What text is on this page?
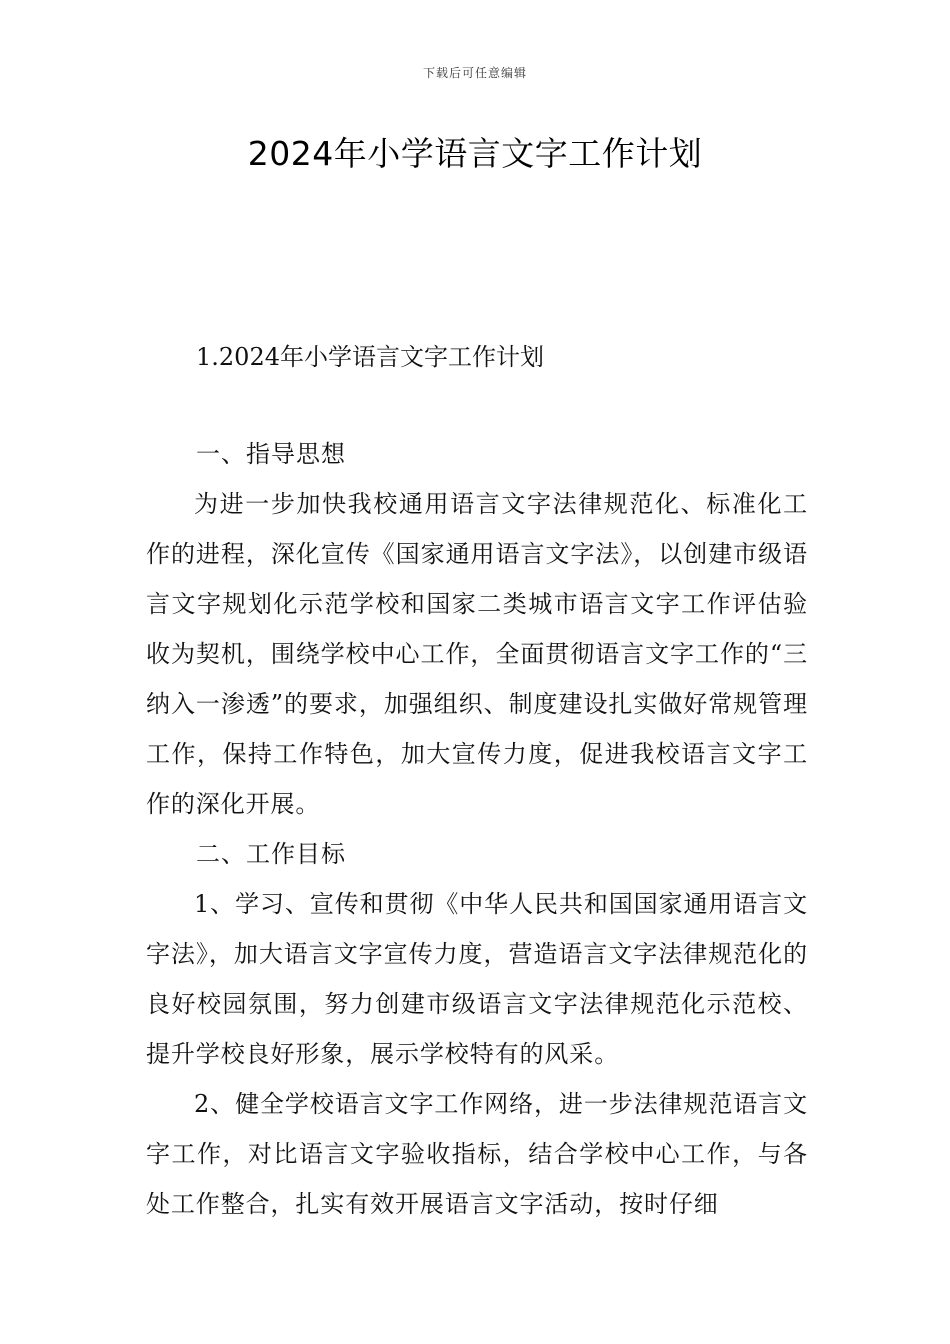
下载后可任意编辑
2024年小学语言文字工作计划
1.2024年小学语言文字工作计划
一、指导思想

为进一步加快我校通用语言文字法律规范化、标准化工作的进程，深化宣传《国家通用语言文字法》，以创建市级语言文字规划化示范学校和国家二类城市语言文字工作评估验收为契机，围绕学校中心工作，全面贯彻语言文字工作的“三纳入一渗透”的要求，加强组织、制度建设扎实做好常规管理工作，保持工作特色，加大宣传力度，促进我校语言文字工作的深化开展。

二、工作目标

1、学习、宣传和贯彻《中华人民共和国国家通用语言文字法》，加大语言文字宣传力度，营造语言文字法律规范化的良好校园氛围，努力创建市级语言文字法律规范化示范校、提升学校良好形象，展示学校特有的风采。

2、健全学校语言文字工作网络，进一步法律规范语言文字工作，对比语言文字验收指标，结合学校中心工作，与各处工作整合，扎实有效开展语言文字活动，按时仔细
